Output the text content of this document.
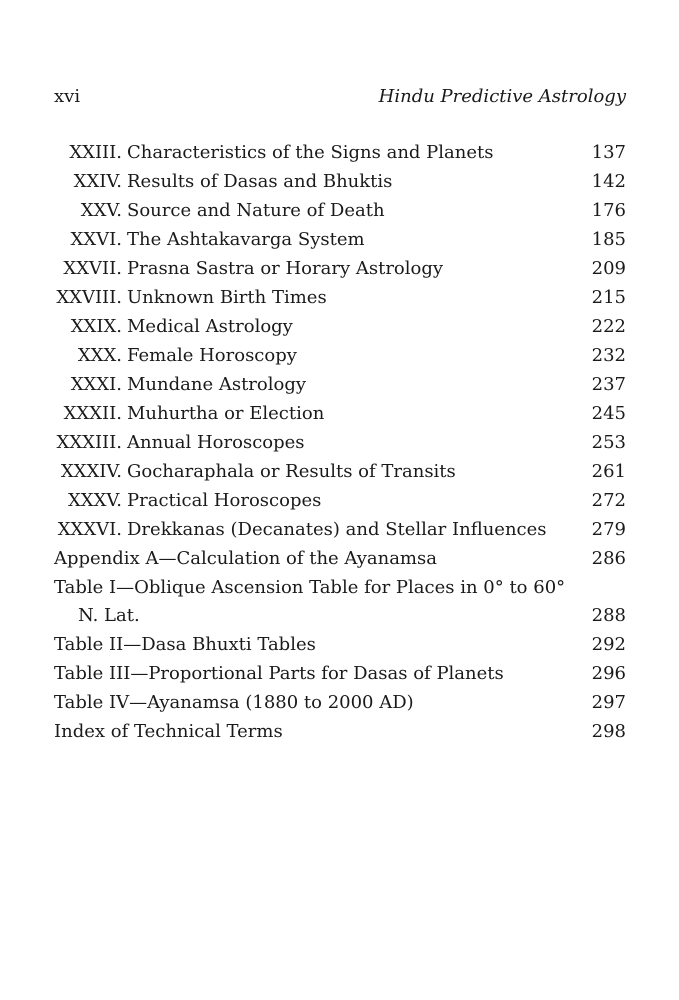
xvi	Hindu Predictive Astrology
XXIII. Characteristics of the Signs and Planets	137
XXIV. Results of Dasas and Bhuktis	142
XXV. Source and Nature of Death	176
XXVI. The Ashtakavarga System	185
XXVII. Prasna Sastra or Horary Astrology	209
XXVIII. Unknown Birth Times	215
XXIX. Medical Astrology	222
XXX. Female Horoscopy	232
XXXI. Mundane Astrology	237
XXXII. Muhurtha or Election	245
XXXIII. Annual Horoscopes	253
XXXIV. Gocharaphala or Results of Transits	261
XXXV. Practical Horoscopes	272
XXXVI. Drekkanas (Decanates) and Stellar Influences	279
Appendix A—Calculation of the Ayanamsa	286
Table I—Oblique Ascension Table for Places in 0° to 60°
N. Lat.	288
Table II—Dasa Bhuxti Tables	292
Table III—Proportional Parts for Dasas of Planets	296
Table IV—Ayanamsa (1880 to 2000 AD)	297
Index of Technical Terms	298
